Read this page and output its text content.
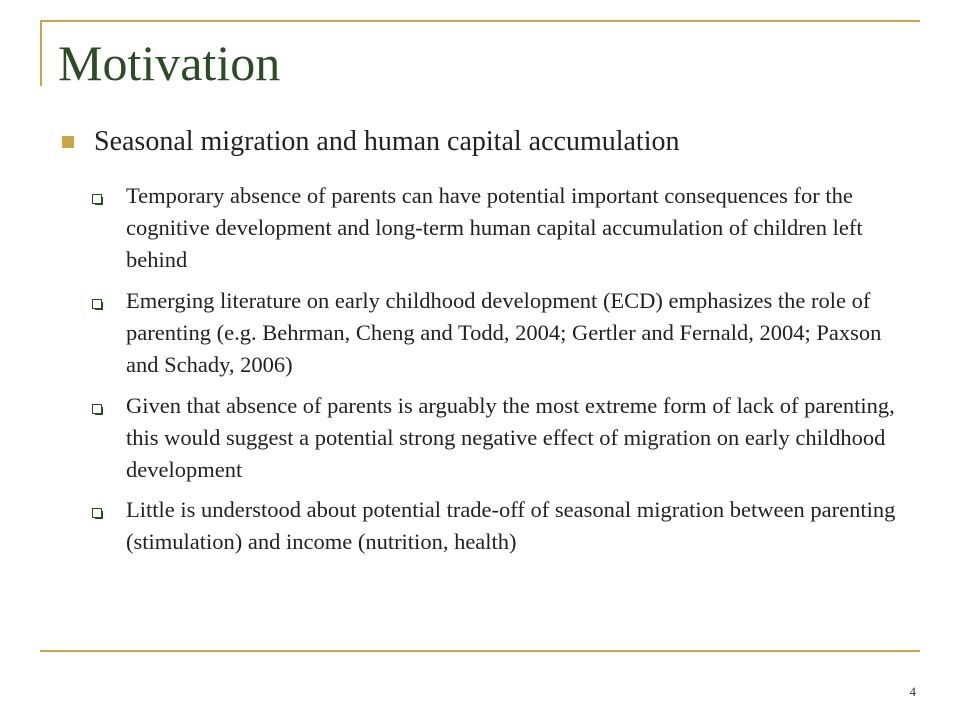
Motivation
Seasonal migration and human capital accumulation
Temporary absence of parents can have potential important consequences for the cognitive development and long-term human capital accumulation of children left behind
Emerging literature on early childhood development (ECD) emphasizes the role of parenting (e.g. Behrman, Cheng and Todd, 2004; Gertler and Fernald, 2004; Paxson and Schady, 2006)
Given that absence of parents is arguably the most extreme form of lack of parenting, this would suggest a potential strong negative effect of migration on early childhood development
Little is understood about potential trade-off of seasonal migration between parenting (stimulation) and income (nutrition, health)
4
